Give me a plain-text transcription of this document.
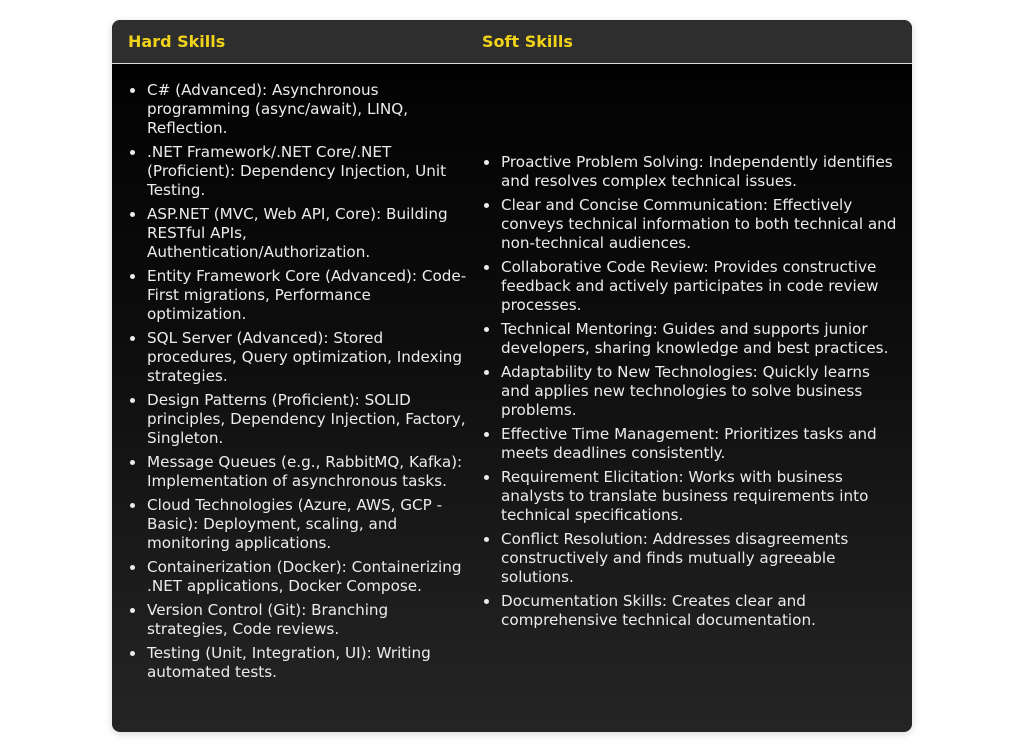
Hard Skills	Soft Skills
C# (Advanced): Asynchronous programming (async/await), LINQ, Reflection.
.NET Framework/.NET Core/.NET (Proficient): Dependency Injection, Unit Testing.
ASP.NET (MVC, Web API, Core): Building RESTful APIs, Authentication/Authorization.
Entity Framework Core (Advanced): Code-First migrations, Performance optimization.
SQL Server (Advanced): Stored procedures, Query optimization, Indexing strategies.
Design Patterns (Proficient): SOLID principles, Dependency Injection, Factory, Singleton.
Message Queues (e.g., RabbitMQ, Kafka): Implementation of asynchronous tasks.
Cloud Technologies (Azure, AWS, GCP - Basic): Deployment, scaling, and monitoring applications.
Containerization (Docker): Containerizing .NET applications, Docker Compose.
Version Control (Git): Branching strategies, Code reviews.
Testing (Unit, Integration, UI): Writing automated tests.
Proactive Problem Solving: Independently identifies and resolves complex technical issues.
Clear and Concise Communication: Effectively conveys technical information to both technical and non-technical audiences.
Collaborative Code Review: Provides constructive feedback and actively participates in code review processes.
Technical Mentoring: Guides and supports junior developers, sharing knowledge and best practices.
Adaptability to New Technologies: Quickly learns and applies new technologies to solve business problems.
Effective Time Management: Prioritizes tasks and meets deadlines consistently.
Requirement Elicitation: Works with business analysts to translate business requirements into technical specifications.
Conflict Resolution: Addresses disagreements constructively and finds mutually agreeable solutions.
Documentation Skills: Creates clear and comprehensive technical documentation.
